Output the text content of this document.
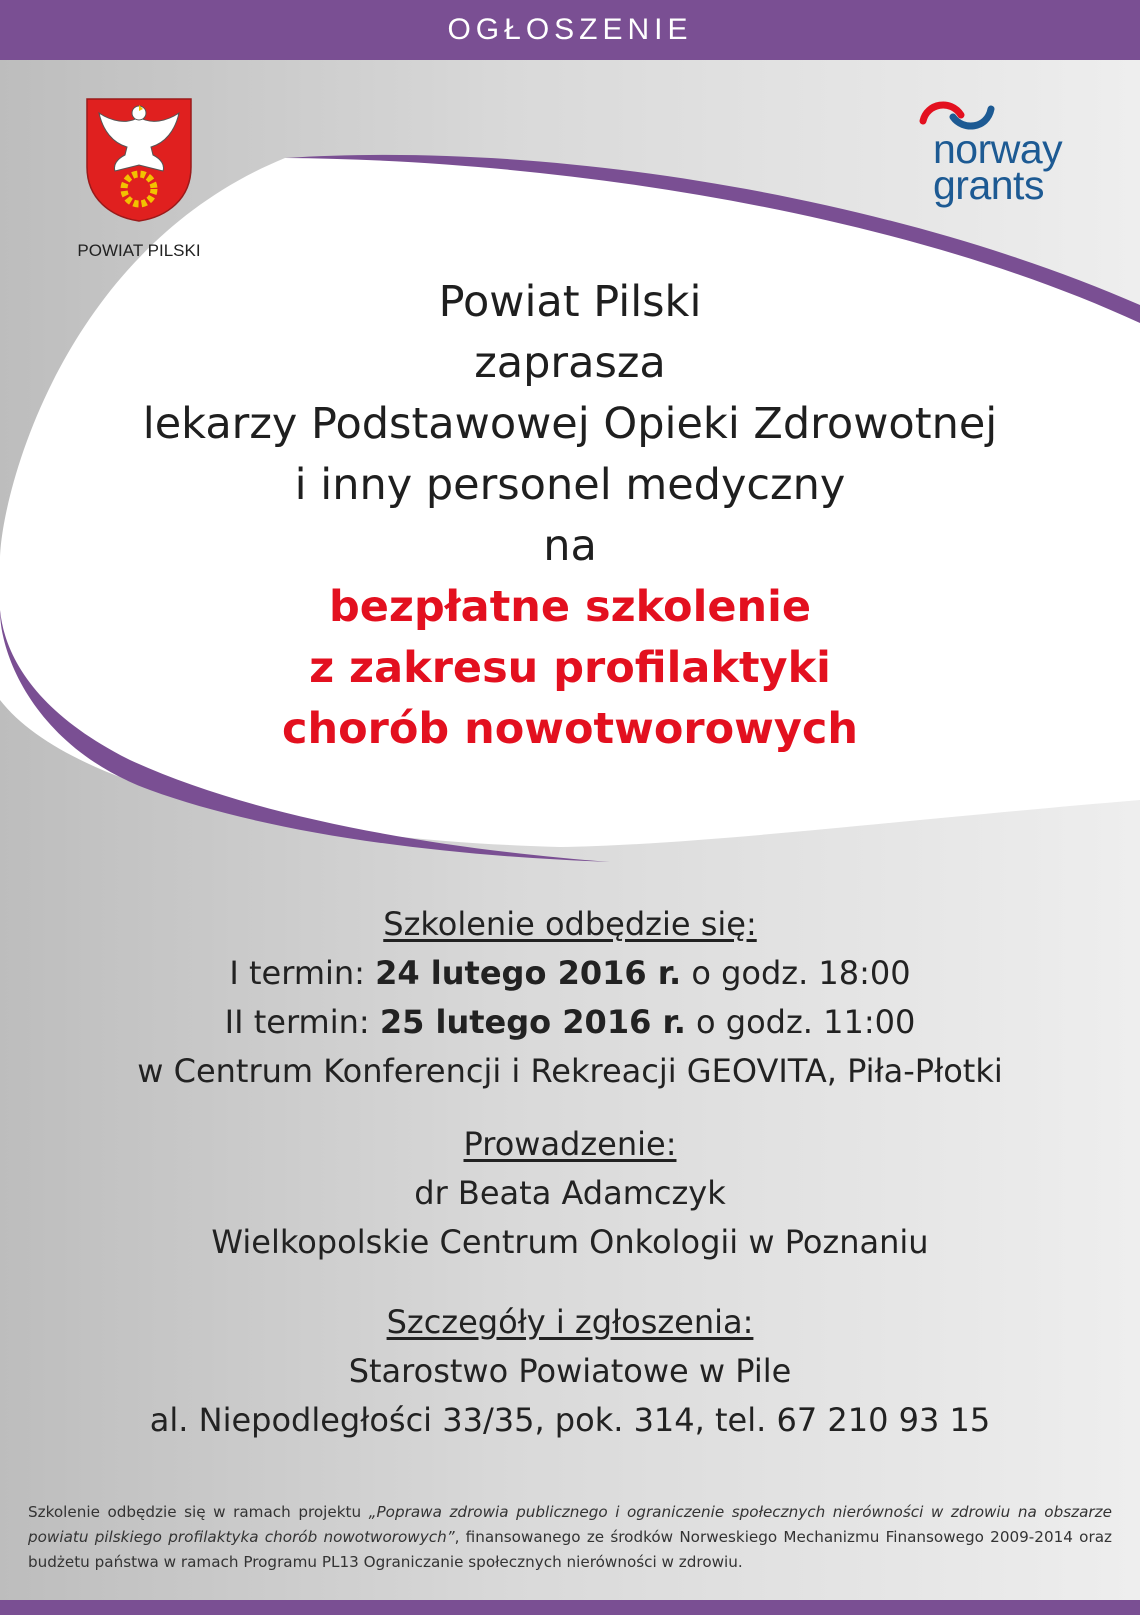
OGŁOSZENIE
POWIAT PILSKI
norway
grants
Powiat Pilski
zaprasza
lekarzy Podstawowej Opieki Zdrowotnej
i inny personel medyczny
na
bezpłatne szkolenie
z zakresu profilaktyki
chorób nowotworowych
Szkolenie odbędzie się:
I termin: 24 lutego 2016 r. o godz. 18:00
II termin: 25 lutego 2016 r. o godz. 11:00
w Centrum Konferencji i Rekreacji GEOVITA, Piła-Płotki
Prowadzenie:
dr Beata Adamczyk
Wielkopolskie Centrum Onkologii w Poznaniu
Szczegóły i zgłoszenia:
Starostwo Powiatowe w Pile
al. Niepodległości 33/35, pok. 314, tel. 67 210 93 15
Szkolenie odbędzie się w ramach projektu „Poprawa zdrowia publicznego i ograniczenie społecznych nierówności w zdrowiu na obszarze powiatu pilskiego profilaktyka chorób nowotworowych”, finansowanego ze środków Norweskiego Mechanizmu Finansowego 2009-2014 oraz budżetu państwa w ramach Programu PL13 Ograniczanie społecznych nierówności w zdrowiu.
